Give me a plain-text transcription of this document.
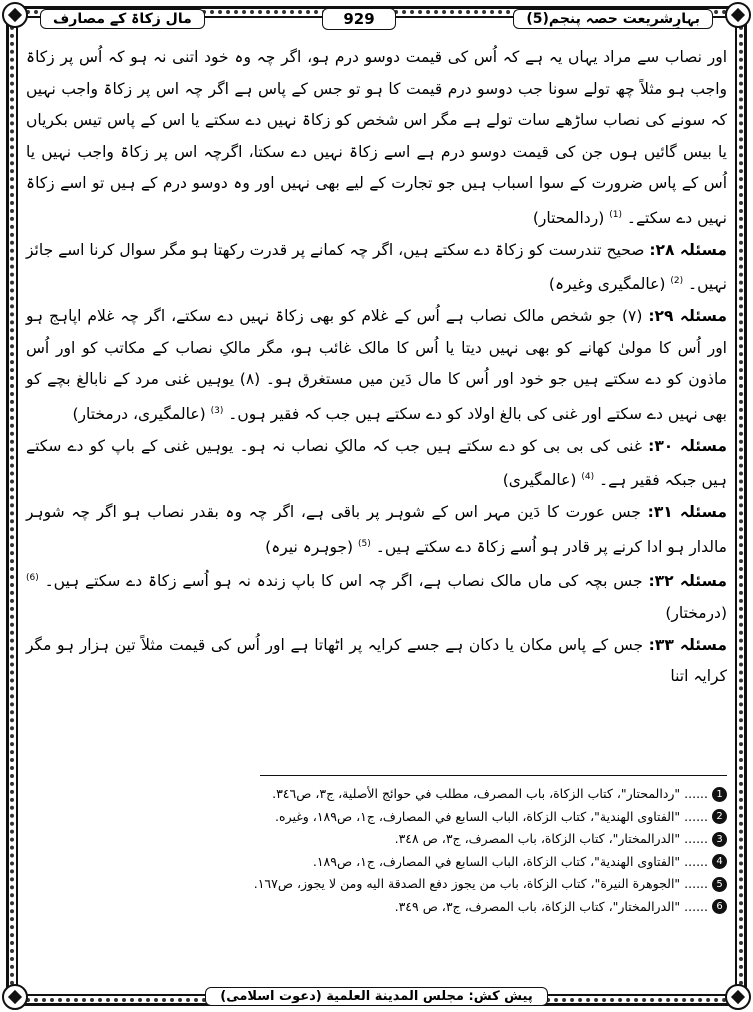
مال زکاۃ کے مصارف	929	بہارِشریعت حصہ پنجم(5)

اور نصاب سے مراد یہاں یہ ہے کہ اُس کی قیمت دوسو درم ہو، اگر چہ وہ خود اتنی نہ ہو کہ اُس پر زکاۃ واجب ہو مثلاً چھ تولے سونا جب دوسو درم قیمت کا ہو تو جس کے پاس ہے اگر چہ اس پر زکاۃ واجب نہیں کہ سونے کی نصاب ساڑھے سات تولے ہے مگر اس شخص کو زکاۃ نہیں دے سکتے یا اس کے پاس تیس بکریاں یا بیس گائیں ہوں جن کی قیمت دوسو درم ہے اسے زکاۃ نہیں دے سکتا، اگرچہ اس پر زکاۃ واجب نہیں یا اُس کے پاس ضرورت کے سوا اسباب ہیں جو تجارت کے لیے بھی نہیں اور وہ دوسو درم کے ہیں تو اسے زکاۃ نہیں دے سکتے۔ $^{(1)}$ (ردالمحتار)

مسئلہ ۲۸: صحیح تندرست کو زکاۃ دے سکتے ہیں، اگر چہ کمانے پر قدرت رکھتا ہو مگر سوال کرنا اسے جائز نہیں۔ $^{(2)}$ (عالمگیری وغیرہ)

مسئلہ ۲۹: (۷) جو شخص مالک نصاب ہے اُس کے غلام کو بھی زکاۃ نہیں دے سکتے، اگر چہ غلام اپاہج ہو اور اُس کا مولیٰ کھانے کو بھی نہیں دیتا یا اُس کا مالک غائب ہو، مگر مالکِ نصاب کے مکاتب کو اور اُس ماذون کو دے سکتے ہیں جو خود اور اُس کا مال دَین میں مستغرق ہو۔ (۸) یوہیں غنی مرد کے نابالغ بچے کو بھی نہیں دے سکتے اور غنی کی بالغ اولاد کو دے سکتے ہیں جب کہ فقیر ہوں۔ $^{(3)}$ (عالمگیری، درمختار)

مسئلہ ۳۰: غنی کی بی بی کو دے سکتے ہیں جب کہ مالکِ نصاب نہ ہو۔ یوہیں غنی کے باپ کو دے سکتے ہیں جبکہ فقیر ہے۔ $^{(4)}$ (عالمگیری)

مسئلہ ۳۱: جس عورت کا دَین مہر اس کے شوہر پر باقی ہے، اگر چہ وہ بقدر نصاب ہو اگر چہ شوہر مالدار ہو ادا کرنے پر قادر ہو اُسے زکاۃ دے سکتے ہیں۔ $^{(5)}$ (جوہرہ نیرہ)

مسئلہ ۳۲: جس بچہ کی ماں مالک نصاب ہے، اگر چہ اس کا باپ زندہ نہ ہو اُسے زکاۃ دے سکتے ہیں۔ $^{(6)}$ (درمختار)

مسئلہ ۳۳: جس کے پاس مکان یا دکان ہے جسے کرایہ پر اٹھاتا ہے اور اُس کی قیمت مثلاً تین ہزار ہو مگر کرایہ اتنا

1
...... "ردالمحتار"، كتاب الزكاة، باب المصرف، مطلب في حوائج الأصلية، ج٣، ص٣٤٦.
2
...... "الفتاوى الهندية"، كتاب الزكاة، الباب السابع في المصارف، ج١، ص١٨٩، وغيره.
3
...... "الدرالمختار"، كتاب الزكاة، باب المصرف، ج٣، ص ٣٤٨.
4
...... "الفتاوى الهندية"، كتاب الزكاة، الباب السابع في المصارف، ج١، ص١٨٩.
5
...... "الجوهرة النيرة"، كتاب الزكاة، باب من يجوز دفع الصدقة اليه ومن لا يجوز، ص١٦٧.
6
...... "الدرالمختار"، كتاب الزكاة، باب المصرف، ج٣، ص ٣٤٩.
پیش کش: مجلس المدينة العلمية (دعوت اسلامی)
